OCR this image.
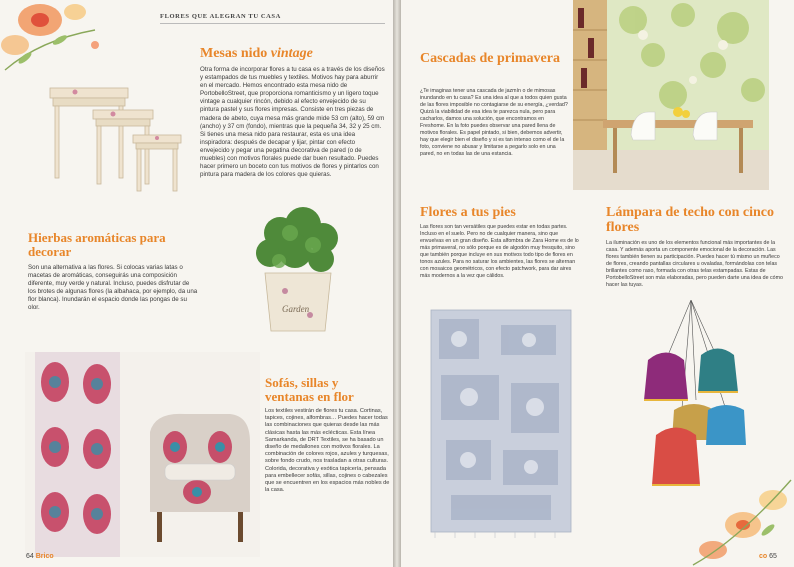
FLORES QUE ALEGRAN TU CASA
Mesas nido vintage
Otra forma de incorporar flores a tu casa es a través de los diseños y estampados de tus muebles y textiles. Motivos hay para aburrir en el mercado. Hemos encontrado esta mesa nido de PortobelloStreet, que proporciona romanticismo y un ligero toque vintage a cualquier rincón, debido al efecto envejecido de su pintura pastel y sus flores impresas. Consiste en tres piezas de madera de abeto, cuya mesa más grande mide 53 cm (alto), 59 cm (ancho) y 37 cm (fondo), mientras que la pequeña 34, 32 y 25 cm. Si tienes una mesa nido para restaurar, esta es una idea inspiradora: después de decapar y lijar, pintar con efecto envejecido y pegar una pegatina decorativa de pared (o de muebles) con motivos florales puede dar buen resultado. Puedes hacer primero un boceto con tus motivos de flores y pintarlos con pintura para madera de los colores que quieras.
Hierbas aromáticas para decorar
Son una alternativa a las flores. Si colocas varias latas o macetas de aromáticas, conseguirás una composición diferente, muy verde y natural. Incluso, puedes disfrutar de los brotes de algunas flores (la albahaca, por ejemplo, da una flor blanca). Inundarán el espacio donde las pongas de su olor.	Garden
Sofás, sillas y ventanas en flor
Los textiles vestirán de flores tu casa. Cortinas, tapices, cojines, alfombras… Puedes hacer todas las combinaciones que quieras desde las más clásicas hasta las más eclécticas. Esta línea Samarkanda, de DRT Textiles, se ha basado un diseño de medallones con motivos florales. La combinación de colores rojos, azules y turquesas, sobre fondo crudo, nos trasladan a otras culturas. Colorida, decorativa y exótica tapicería, pensada para embellecer sofás, sillas, cojines o cabezales que se encuentren en los espacios más nobles de la casa.
64 Brico
Cascadas de primavera
¿Te imaginas tener una cascada de jazmín o de mimosas inundando en tu casa? Es una idea al que a todos quien gusta de las flores imposible no contagiarse de su energía, ¿verdad? Quizá la viabilidad de esa idea te parezca nula, pero para cacharlos, damos una solución, que encontramos en Freshome. En la foto puedes observar una pared llena de motivos florales. Es papel pintado, si bien, debemos advertir, hay que elegir bien el diseño y si es tan intenso como el de la foto, conviene no abusar y limitarse a pegarlo solo en una pared, no en todas las de una estancia.
Flores a tus pies
Las flores son tan versátiles que puedes estar en todas partes. Incluso en el suelo. Pero no de cualquier manera, sino que envuelvas en un gran diseño. Esta alfombra de Zara Home es de lo más primaveral, no sólo porque es de algodón muy fresquito, sino que también porque incluye en sus motivos todo tipo de flores en tonos azules. Para no saturar los ambientes, las flores se alternan con mosaicos geométricos, con efecto patchwork, para dar aires más modernos a la vez que cálidos.
Lámpara de techo con cinco flores
La iluminación es uno de los elementos funcional más importantes de la casa. Y además aporta un componente emocional de la decoración. Las flores también tienen su participación. Puedes hacer tú mismo un muñeco de flores, creando pantallas circulares u ovaladas, formándolas con telas brillantes como raso, formada con otras telas estampadas. Estas de PortobelloStreet son más elaboradas, pero pueden darte una idea de cómo hacer las tuyas.
co 65
